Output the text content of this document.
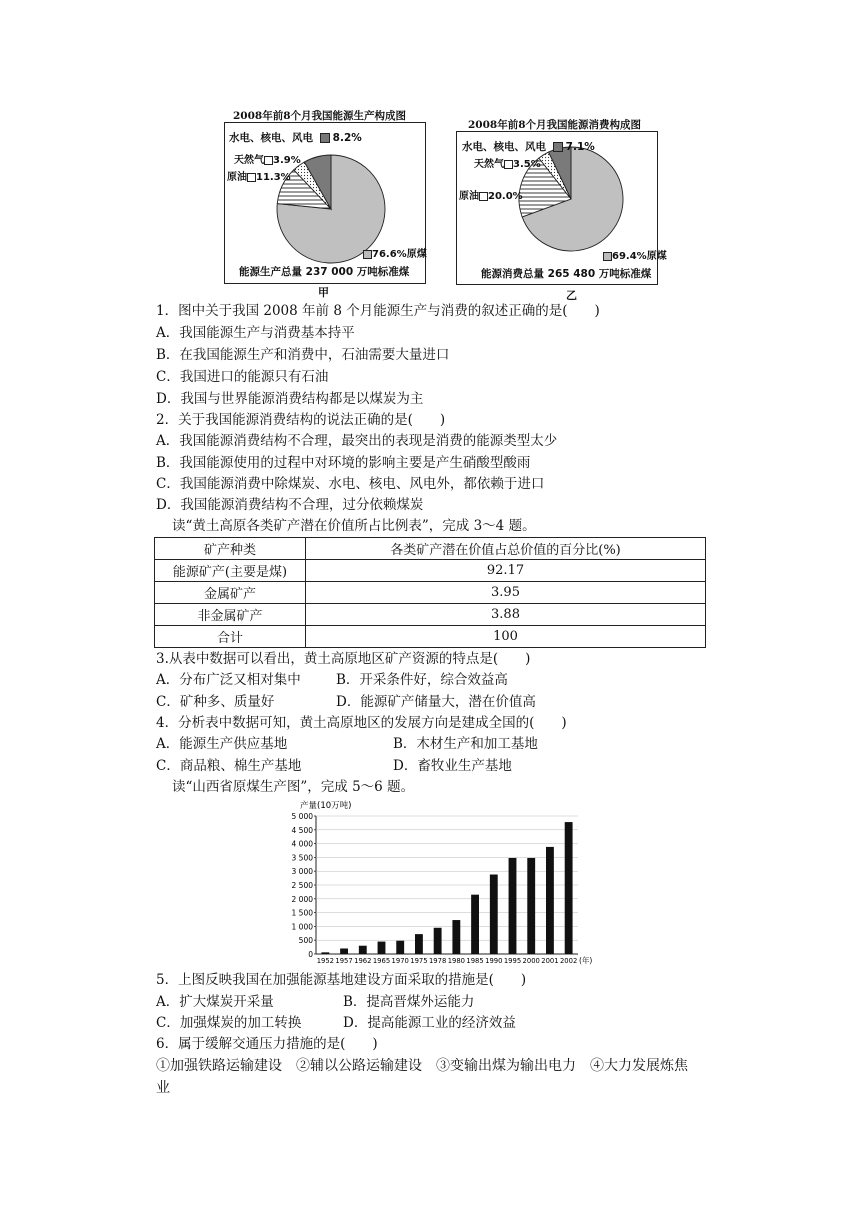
2008年前8个月我国能源生产构成图
水电、核电、风电 8.2%
天然气 3.9%
原油 11.3%
76.6%原煤
能源生产总量 237 000 万吨标准煤
甲
2008年前8个月我国能源消费构成图
水电、核电、风电 7.1%
天然气 3.5%
原油 20.0%
69.4%原煤
能源消费总量 265 480 万吨标准煤
乙
1．图中关于我国 2008 年前 8 个月能源生产与消费的叙述正确的是(　　)
A．我国能源生产与消费基本持平
B．在我国能源生产和消费中，石油需要大量进口
C．我国进口的能源只有石油
D．我国与世界能源消费结构都是以煤炭为主
2．关于我国能源消费结构的说法正确的是(　　)
A．我国能源消费结构不合理，最突出的表现是消费的能源类型太少
B．我国能源使用的过程中对环境的影响主要是产生硝酸型酸雨
C．我国能源消费中除煤炭、水电、核电、风电外，都依赖于进口
D．我国能源消费结构不合理，过分依赖煤炭
读“黄土高原各类矿产潜在价值所占比例表”，完成 3～4 题。
矿产种类	各类矿产潜在价值占总价值的百分比(%)
能源矿产(主要是煤)	92.17
金属矿产	3.95
非金属矿产	3.88
合计	100
3.从表中数据可以看出，黄土高原地区矿产资源的特点是(　　)
A．分布广泛又相对集中	B．开采条件好，综合效益高
C．矿种多、质量好	D．能源矿产储量大，潜在价值高
4．分析表中数据可知，黄土高原地区的发展方向是建成全国的(　　)
A．能源生产供应基地	B．木材生产和加工基地
C．商品粮、棉生产基地	D．畜牧业生产基地
读“山西省原煤生产图”，完成 5～6 题。
产量(10万吨)
0
500
1 000
1 500
2 000
2 500
3 000
3 500
4 000
4 500
5 000
1952 1957 1962 1965 1970 1975 1978 1980 1985 1990 1995 2000 2001 2002 (年)
5．上图反映我国在加强能源基地建设方面采取的措施是(　　)
A．扩大煤炭开采量	B．提高晋煤外运能力
C．加强煤炭的加工转换	D．提高能源工业的经济效益
6．属于缓解交通压力措施的是(　　)
①加强铁路运输建设　②辅以公路运输建设　③变输出煤为输出电力　④大力发展炼焦
业
